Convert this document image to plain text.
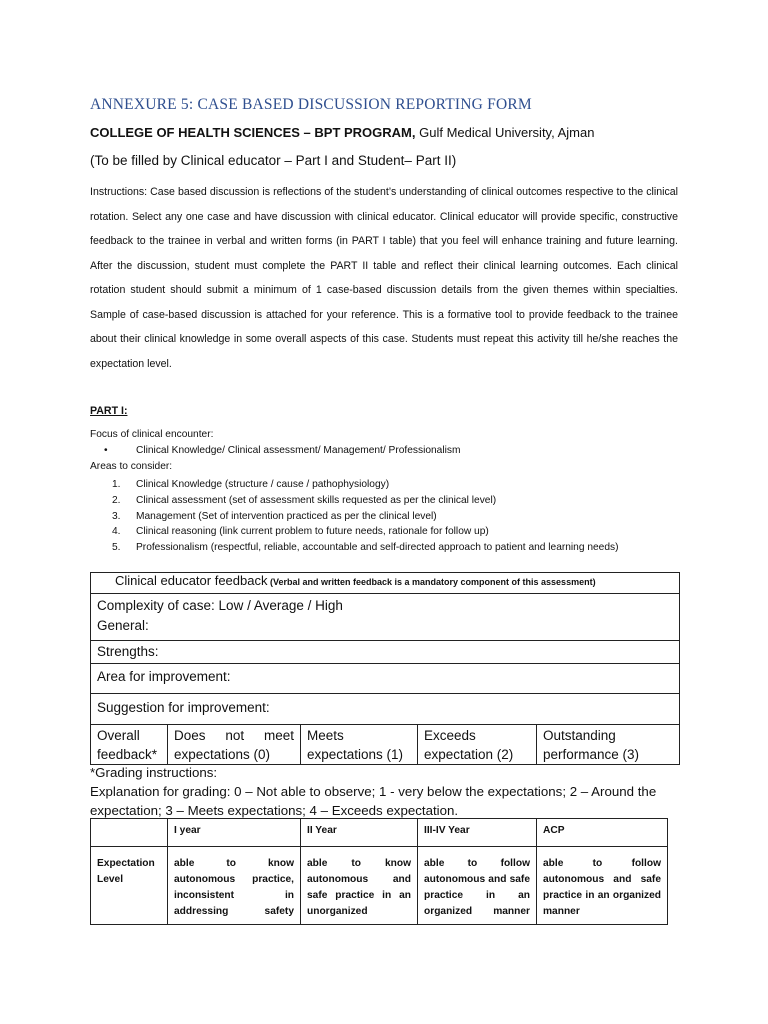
ANNEXURE 5: CASE BASED DISCUSSION REPORTING FORM
COLLEGE OF HEALTH SCIENCES – BPT PROGRAM, Gulf Medical University, Ajman
(To be filled by Clinical educator – Part I and Student– Part II)
Instructions: Case based discussion is reflections of the student’s understanding of clinical outcomes respective to the clinical rotation. Select any one case and have discussion with clinical educator. Clinical educator will provide specific, constructive feedback to the trainee in verbal and written forms (in PART I table) that you feel will enhance training and future learning. After the discussion, student must complete the PART II table and reflect their clinical learning outcomes. Each clinical rotation student should submit a minimum of 1 case-based discussion details from the given themes within specialties. Sample of case-based discussion is attached for your reference. This is a formative tool to provide feedback to the trainee about their clinical knowledge in some overall aspects of this case. Students must repeat this activity till he/she reaches the expectation level.
PART I:
Focus of clinical encounter:
•	Clinical Knowledge/ Clinical assessment/ Management/ Professionalism
Areas to consider:
1.	Clinical Knowledge (structure / cause / pathophysiology)
2.	Clinical assessment (set of assessment skills requested as per the clinical level)
3.	Management (Set of intervention practiced as per the clinical level)
4.	Clinical reasoning (link current problem to future needs, rationale for follow up)
5.	Professionalism (respectful, reliable, accountable and self-directed approach to patient and learning needs)
Clinical educator feedback (Verbal and written feedback is a mandatory component of this assessment)
Complexity of case: Low / Average / High
General:
Strengths:
Area for improvement:
Suggestion for improvement:
Overall feedback*	Does not meet expectations (0)	Meets expectations (1)	Exceeds expectation (2)	Outstanding performance (3)
*Grading instructions:
Explanation for grading: 0 – Not able to observe; 1 - very below the expectations; 2 – Around the expectation; 3 – Meets expectations; 4 – Exceeds expectation.
	I year	II Year	III-IV Year	ACP
Expectation Level	able to know autonomous practice, inconsistent in addressing safety	able to know autonomous and safe practice in an unorganized	able to follow autonomous and safe practice in an organized manner	able to follow autonomous and safe practice in an organized manner
